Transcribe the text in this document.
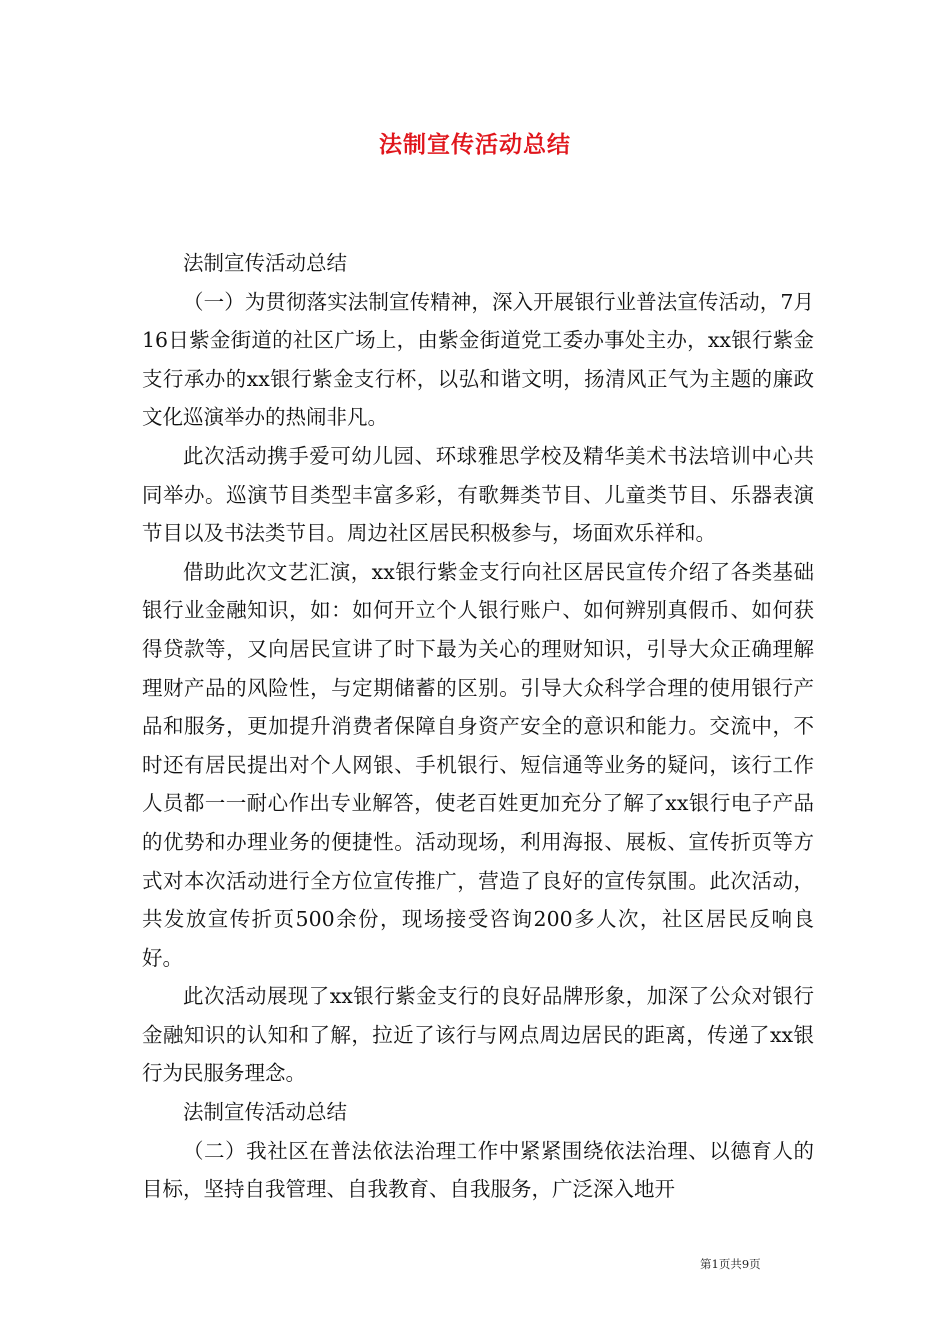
法制宣传活动总结

法制宣传活动总结

（一）为贯彻落实法制宣传精神，深入开展银行业普法宣传活动，7月16日紫金街道的社区广场上，由紫金街道党工委办事处主办，xx银行紫金支行承办的xx银行紫金支行杯，以弘和谐文明，扬清风正气为主题的廉政文化巡演举办的热闹非凡。

此次活动携手爱可幼儿园、环球雅思学校及精华美术书法培训中心共同举办。巡演节目类型丰富多彩，有歌舞类节目、儿童类节目、乐器表演节目以及书法类节目。周边社区居民积极参与，场面欢乐祥和。

借助此次文艺汇演，xx银行紫金支行向社区居民宣传介绍了各类基础银行业金融知识，如：如何开立个人银行账户、如何辨别真假币、如何获得贷款等，又向居民宣讲了时下最为关心的理财知识，引导大众正确理解理财产品的风险性，与定期储蓄的区别。引导大众科学合理的使用银行产品和服务，更加提升消费者保障自身资产安全的意识和能力。交流中，不时还有居民提出对个人网银、手机银行、短信通等业务的疑问，该行工作人员都一一耐心作出专业解答，使老百姓更加充分了解了xx银行电子产品的优势和办理业务的便捷性。活动现场，利用海报、展板、宣传折页等方式对本次活动进行全方位宣传推广，营造了良好的宣传氛围。此次活动，共发放宣传折页500余份，现场接受咨询200多人次，社区居民反响良好。

此次活动展现了xx银行紫金支行的良好品牌形象，加深了公众对银行金融知识的认知和了解，拉近了该行与网点周边居民的距离，传递了xx银行为民服务理念。

法制宣传活动总结

（二）我社区在普法依法治理工作中紧紧围绕依法治理、以德育人的目标，坚持自我管理、自我教育、自我服务，广泛深入地开

第1页共9页
